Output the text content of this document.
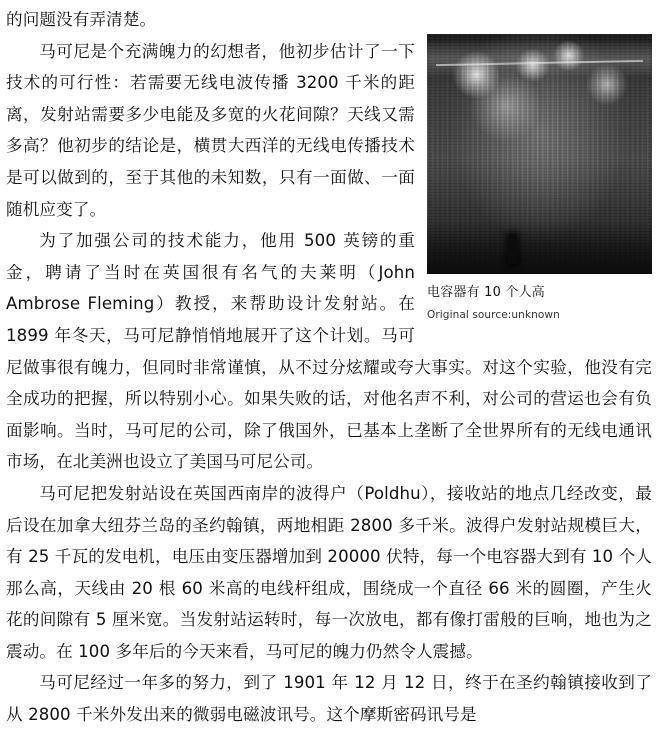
电容器有 10 个人高
Original source:unknown

的问题没有弄清楚。

马可尼是个充满魄力的幻想者，他初步估计了一下技术的可行性：若需要无线电波传播 3200 千米的距离，发射站需要多少电能及多宽的火花间隙？天线又需多高？他初步的结论是，横贯大西洋的无线电传播技术是可以做到的，至于其他的未知数，只有一面做、一面随机应变了。

为了加强公司的技术能力，他用 500 英镑的重金，聘请了当时在英国很有名气的夫莱明（John Ambrose Fleming）教授，来帮助设计发射站。在 1899 年冬天，马可尼静悄悄地展开了这个计划。马可尼做事很有魄力，但同时非常谨慎，从不过分炫耀或夸大事实。对这个实验，他没有完全成功的把握，所以特别小心。如果失败的话，对他名声不利，对公司的营运也会有负面影响。当时，马可尼的公司，除了俄国外，已基本上垄断了全世界所有的无线电通讯市场，在北美洲也设立了美国马可尼公司。

马可尼把发射站设在英国西南岸的波得户（Poldhu），接收站的地点几经改变，最后设在加拿大纽芬兰岛的圣约翰镇，两地相距 2800 多千米。波得户发射站规模巨大，有 25 千瓦的发电机，电压由变压器增加到 20000 伏特，每一个电容器大到有 10 个人那么高，天线由 20 根 60 米高的电线杆组成，围绕成一个直径 66 米的圆圈，产生火花的间隙有 5 厘米宽。当发射站运转时，每一次放电，都有像打雷般的巨响，地也为之震动。在 100 多年后的今天来看，马可尼的魄力仍然令人震撼。

马可尼经过一年多的努力，到了 1901 年 12 月 12 日，终于在圣约翰镇接收到了从 2800 千米外发出来的微弱电磁波讯号。这个摩斯密码讯号是
